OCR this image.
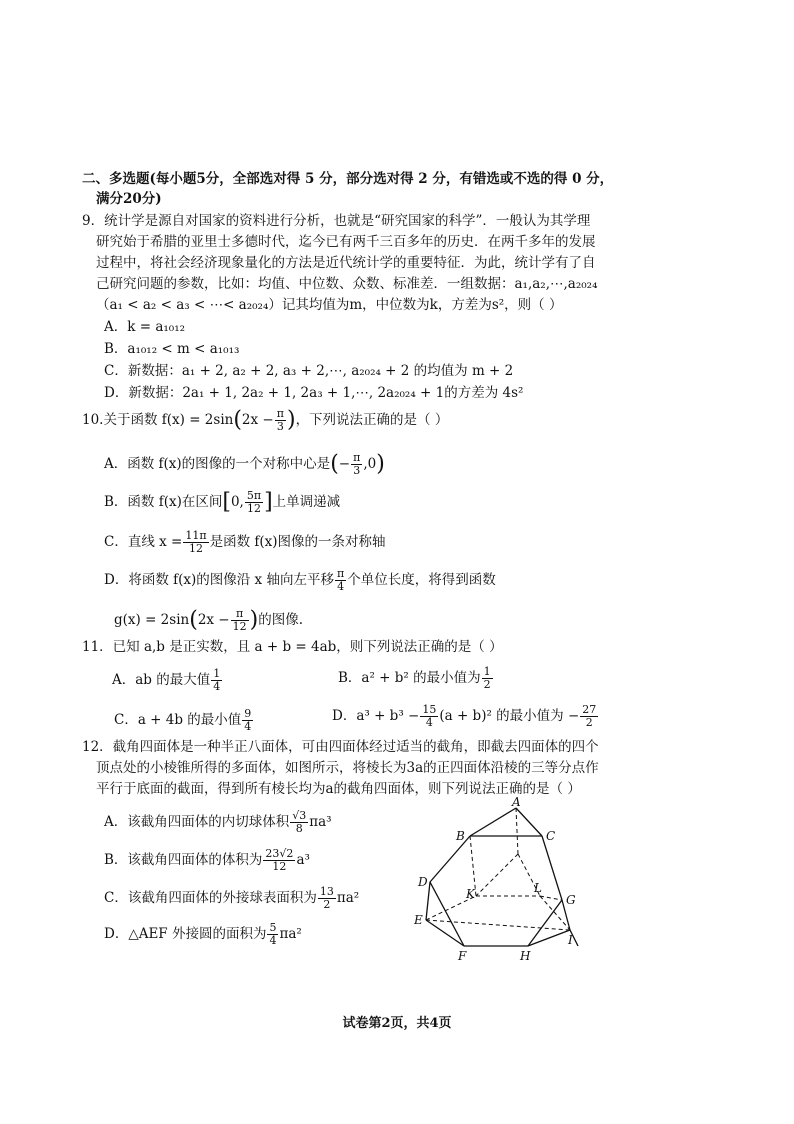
二、多选题(每小题5分，全部选对得 5 分，部分选对得 2 分，有错选或不选的得 0 分，
满分20分)
9．统计学是源自对国家的资料进行分析，也就是“研究国家的科学”．一般认为其学理
研究始于希腊的亚里士多德时代，迄今已有两千三百多年的历史．在两千多年的发展
过程中，将社会经济现象量化的方法是近代统计学的重要特征．为此，统计学有了自
己研究问题的参数，比如：均值、中位数、众数、标准差．一组数据：a₁,a₂,⋯,a₂₀₂₄
（a₁ < a₂ < a₃ < ⋯< a₂₀₂₄）记其均值为m，中位数为k，方差为s²，则（ ）
A．k = a₁₀₁₂
B．a₁₀₁₂ < m < a₁₀₁₃
C．新数据：a₁ + 2, a₂ + 2, a₃ + 2,⋯, a₂₀₂₄ + 2 的均值为 m + 2
D．新数据：2a₁ + 1, 2a₂ + 1, 2a₃ + 1,⋯, 2a₂₀₂₄ + 1的方差为 4s²
10.关于函数 $f(x) = 2\sin(2x - \frac{\pi}{3}$ )，下列说法正确的是（ ）
A．函数 f(x)的图像的一个对称中心是(− $\frac{\pi}{3} ,0$)
B．函数 f(x)在区间[0, $\frac{5\pi}{12}$ ]上单调递减
C．直线 $x = \frac{11\pi}{12}$ 是函数 f(x)图像的一条对称轴
D．将函数 f(x)的图像沿 x 轴向左平移 $\frac{\pi}{4}$ 个单位长度，将得到函数
$g(x) = 2\sin(2x - \frac{\pi}{12}$ )的图像.
11．已知 a,b 是正实数，且 a + b = 4ab，则下列说法正确的是（ ）
A．ab 的最大值 $\frac{1}{4}$	B．a² + b² 的最小值为 $\frac{1}{2}$
C．a + 4b 的最小值 $\frac{9}{4}$	D．$a^3 + b^3 - \frac{15}{4} (a + b)^2$ 的最小值为 − $\frac{27}{2}$
12．截角四面体是一种半正八面体，可由四面体经过适当的截角，即截去四面体的四个
顶点处的小棱锥所得的多面体，如图所示，将棱长为3a的正四面体沿棱的三等分点作
平行于底面的截面，得到所有棱长均为a的截角四面体，则下列说法正确的是（ ）
A．该截角四面体的内切球体积 $\frac{√3}{8} \pi a^3$
B．该截角四面体的体积为 $\frac{23√2}{12} a^3$
C．该截角四面体的外接球表面积为 $\frac{13}{2} \pi a^2$
D．△AEF 外接圆的面积为 $\frac{5}{4} \pi a^2$
A
B	C
D
E
F
G
H
I
K	L
试卷第2页，共4页
